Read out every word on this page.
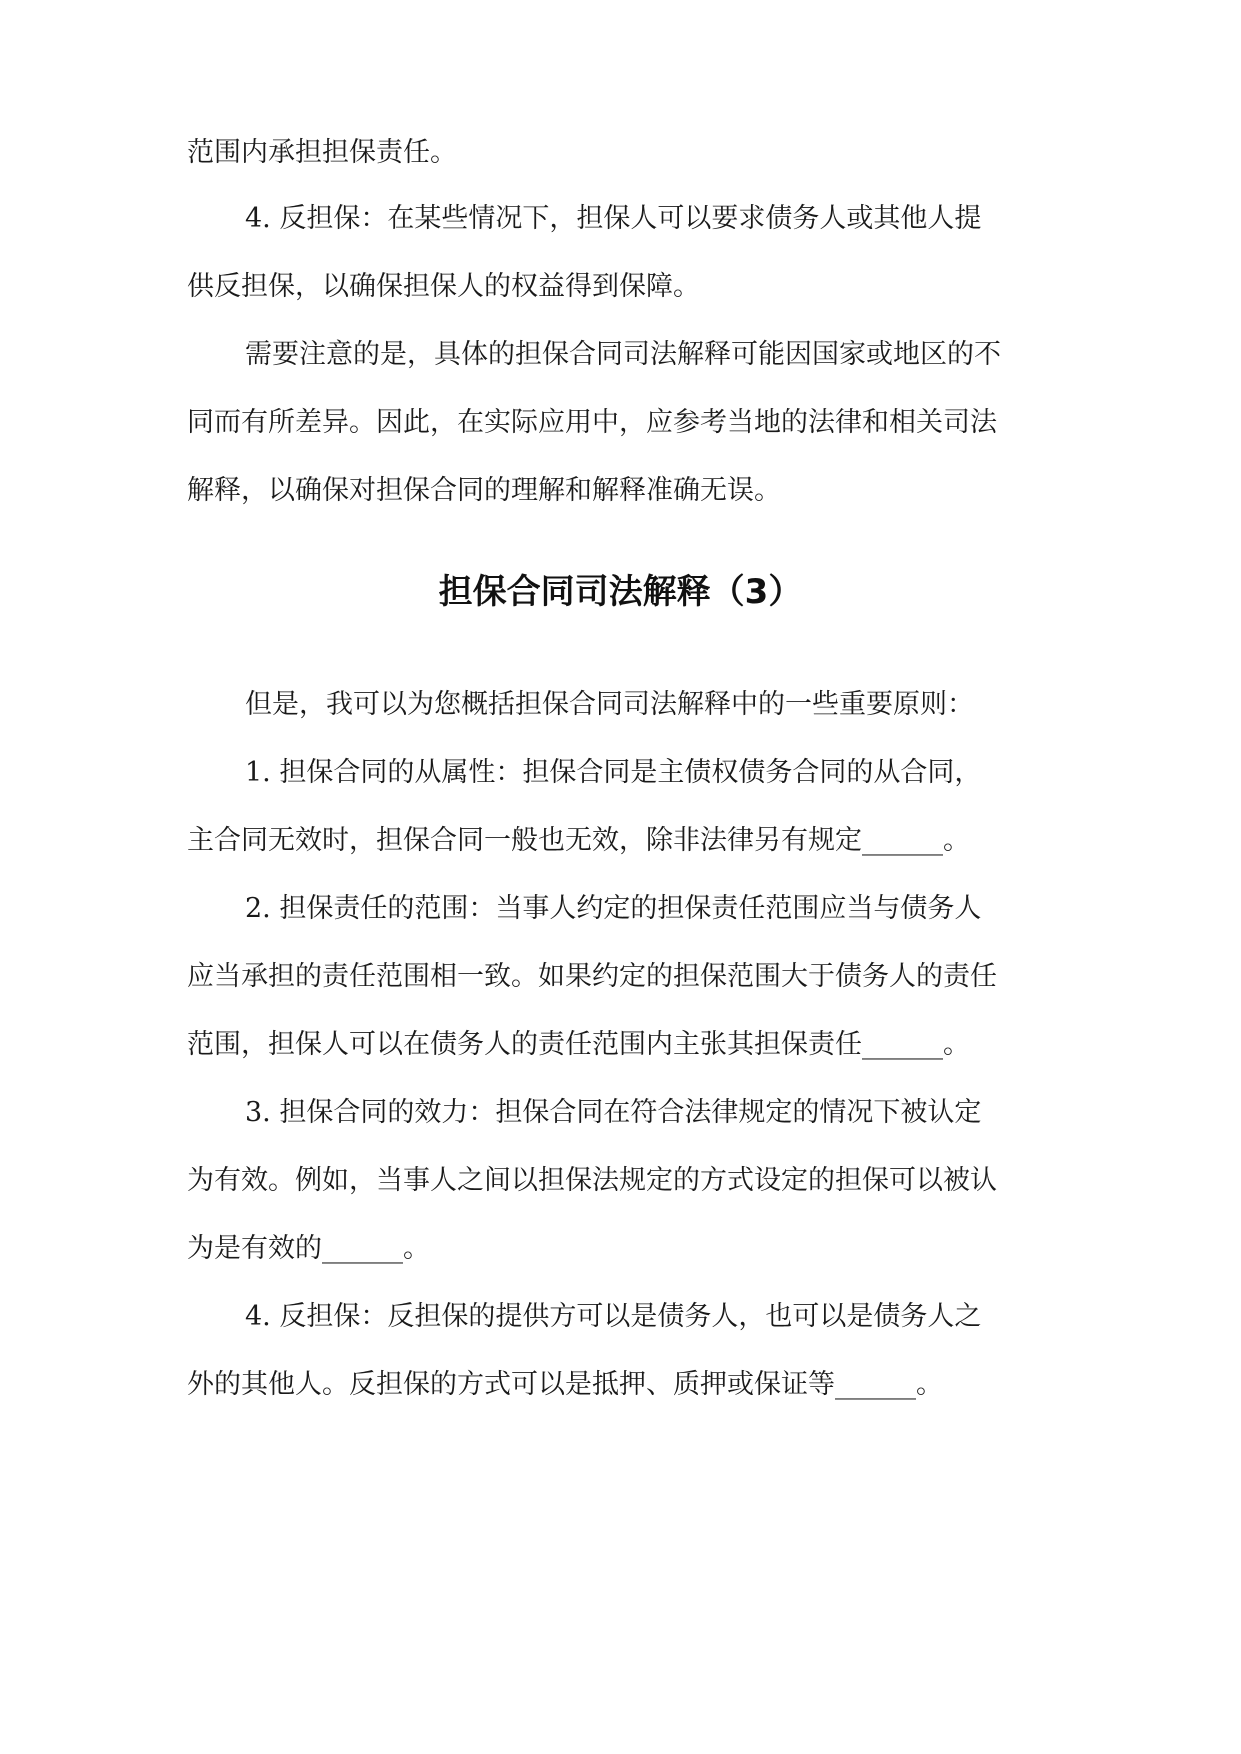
范围内承担担保责任。
4. 反担保：在某些情况下，担保人可以要求债务人或其他人提
供反担保，以确保担保人的权益得到保障。
需要注意的是，具体的担保合同司法解释可能因国家或地区的不
同而有所差异。因此，在实际应用中，应参考当地的法律和相关司法
解释，以确保对担保合同的理解和解释准确无误。
担保合同司法解释（3）
但是，我可以为您概括担保合同司法解释中的一些重要原则：
1. 担保合同的从属性：担保合同是主债权债务合同的从合同，
主合同无效时，担保合同一般也无效，除非法律另有规定______。
2. 担保责任的范围：当事人约定的担保责任范围应当与债务人
应当承担的责任范围相一致。如果约定的担保范围大于债务人的责任
范围，担保人可以在债务人的责任范围内主张其担保责任______。
3. 担保合同的效力：担保合同在符合法律规定的情况下被认定
为有效。例如，当事人之间以担保法规定的方式设定的担保可以被认
为是有效的______。
4. 反担保：反担保的提供方可以是债务人，也可以是债务人之
外的其他人。反担保的方式可以是抵押、质押或保证等______。
